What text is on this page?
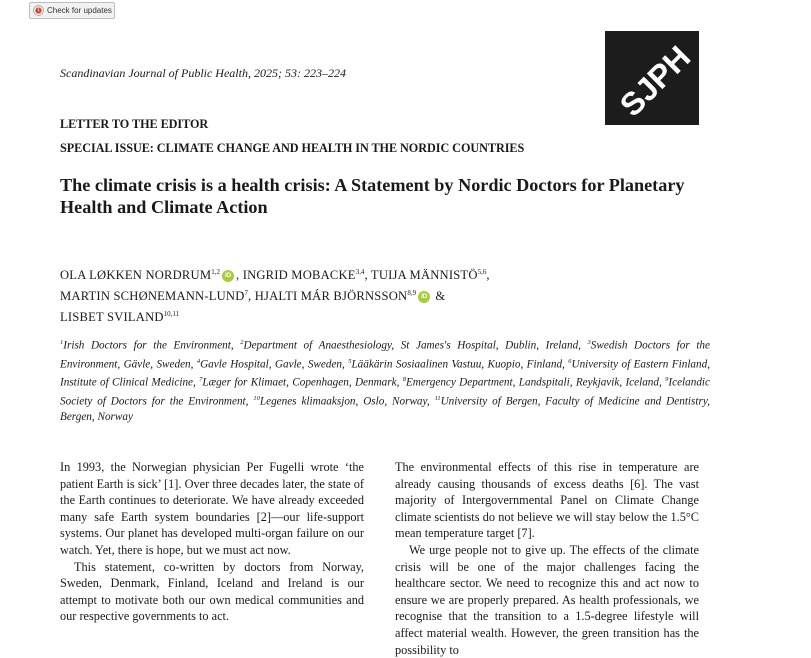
Check for updates
Scandinavian Journal of Public Health, 2025; 53: 223–224	SJPH
LETTER TO THE EDITOR
SPECIAL ISSUE: CLIMATE CHANGE AND HEALTH IN THE NORDIC COUNTRIES
The climate crisis is a health crisis: A Statement by Nordic Doctors for Planetary Health and Climate Action
OLA LØKKEN NORDRUM$^{1,2}$ iD , INGRID MOBACKE$^{3,4}$, TUIJA MÄNNISTÖ$^{5,6}$,
MARTIN SCHØNEMANN-LUND$^7$, HJALTI MÁR BJÖRNSSON$^{8,9}$ iD &
LISBET SVILAND$^{10,11}$
$^1$Irish Doctors for the Environment, $^2$Department of Anaesthesiology, St James's Hospital, Dublin, Ireland, $^3$Swedish Doctors for the Environment, Gävle, Sweden, $^4$Gavle Hospital, Gavle, Sweden, $^5$Lääkärin Sosiaalinen Vastuu, Kuopio, Finland, $^6$University of Eastern Finland, Institute of Clinical Medicine, $^7$Læger for Klimaet, Copenhagen, Denmark, $^8$Emergency Department, Landspitali, Reykjavik, Iceland, $^9$Icelandic Society of Doctors for the Environment, $^{10}$Legenes klimaaksjon, Oslo, Norway, $^{11}$University of Bergen, Faculty of Medicine and Dentistry, Bergen, Norway

In 1993, the Norwegian physician Per Fugelli wrote ‘the patient Earth is sick’ [1]. Over three decades later, the state of the Earth continues to deteriorate. We have already exceeded many safe Earth system boundaries [2]—our life-support systems. Our planet has developed multi-organ failure on our watch. Yet, there is hope, but we must act now.

This statement, co-written by doctors from Norway, Sweden, Denmark, Finland, Iceland and Ireland is our attempt to motivate both our own medical communities and our respective governments to act.

The environmental effects of this rise in temperature are already causing thousands of excess deaths [6]. The vast majority of Intergovernmental Panel on Climate Change climate scientists do not believe we will stay below the 1.5°C mean temperature target [7].

We urge people not to give up. The effects of the climate crisis will be one of the major challenges facing the healthcare sector. We need to recognize this and act now to ensure we are properly prepared. As health professionals, we recognise that the transition to a 1.5-degree lifestyle will affect material wealth. However, the green transition has the possibility to
